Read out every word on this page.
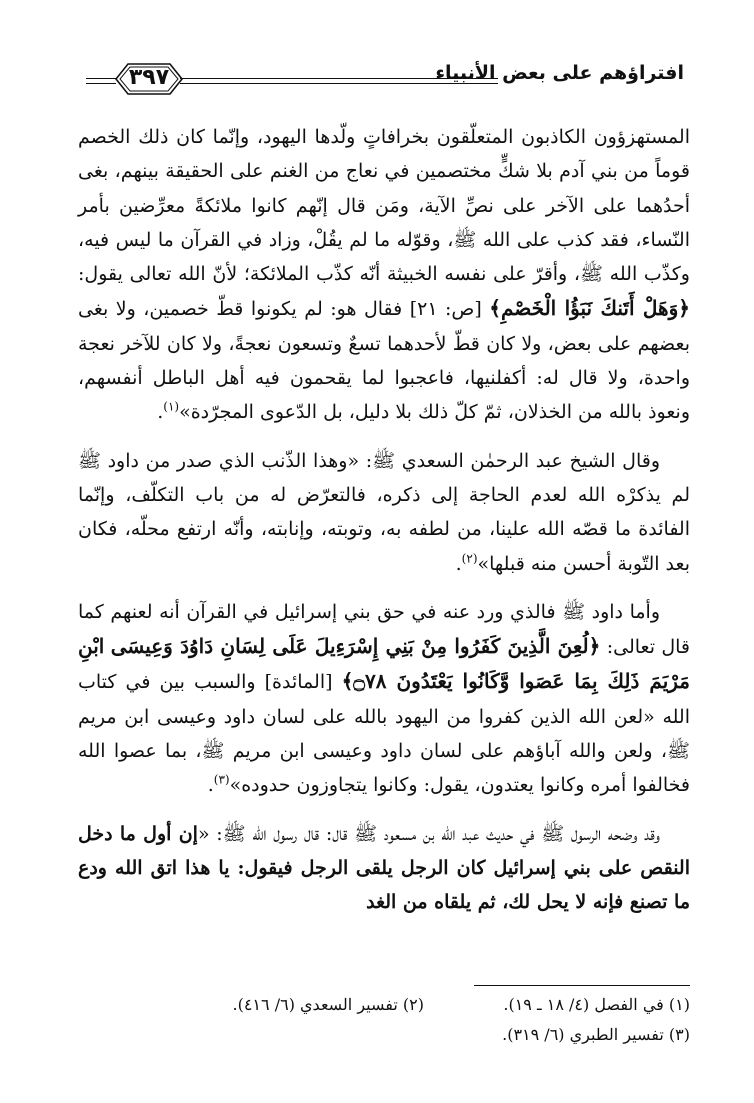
افتراؤهم على بعض الأنبياء
٣٩٧

المستهزؤون الكاذبون المتعلّقون بخرافاتٍ ولّدها اليهود، وإنّما كان ذلك الخصم قوماً من بني آدم بلا شكٍّ مختصمين في نعاج من الغنم على الحقيقة بينهم، بغى أحدُهما على الآخر على نصِّ الآية، ومَن قال إنّهم كانوا ملائكةً معرِّضين بأمر النّساء، فقد كذب على الله ﷺ، وقوّله ما لم يقُلْ، وزاد في القرآن ما ليس فيه، وكذّب الله ﷺ، وأقرّ على نفسه الخبيثة أنّه كذّب الملائكة؛ لأنّ الله تعالى يقول: ﴿وَهَلْ أَتَنكَ نَبَؤُا الْخَصْمِ﴾ [ص: ٢١] فقال هو: لم يكونوا قطّ خصمين، ولا بغى بعضهم على بعض، ولا كان قطّ لأحدهما تسعٌ وتسعون نعجةً، ولا كان للآخر نعجة واحدة، ولا قال له: أكفلنيها، فاعجبوا لما يقحمون فيه أهل الباطل أنفسهم، ونعوذ بالله من الخذلان، ثمّ كلّ ذلك بلا دليل، بل الدّعوى المجرّدة»$^{(١)}$.

وقال الشيخ عبد الرحمٰن السعدي ﷺ: «وهذا الذّنب الذي صدر من داود ﷺ لم يذكرْه الله لعدم الحاجة إلى ذكره، فالتعرّض له من باب التكلّف، وإنّما الفائدة ما قصّه الله علينا، من لطفه به، وتوبته، وإنابته، وأنّه ارتفع محلّه، فكان بعد التّوبة أحسن منه قبلها»$^{(٢)}$.

وأما داود ﷺ فالذي ورد عنه في حق بني إسرائيل في القرآن أنه لعنهم كما قال تعالى: ﴿لُعِنَ الَّذِينَ كَفَرُوا مِنْ بَنِي إِسْرَءِيلَ عَلَى لِسَانِ دَاوُدَ وَعِيسَى ابْنِ مَرْيَمَ ذَلِكَ بِمَا عَصَوا وَّكَانُوا يَعْتَدُونَ ۝٧٨﴾ [المائدة] والسبب بين في كتاب الله «لعن الله الذين كفروا من اليهود بالله على لسان داود وعيسى ابن مريم ﷺ، ولعن والله آباؤهم على لسان داود وعيسى ابن مريم ﷺ، بما عصوا الله فخالفوا أمره وكانوا يعتدون، يقول: وكانوا يتجاوزون حدوده»$^{(٣)}$.

وقد وضحه الرسول ﷺ في حديث عبد الله بن مسعود ﷺ قال: قال رسول الله ﷺ: «إن أول ما دخل النقص على بني إسرائيل كان الرجل يلقى الرجل فيقول: يا هذا اتق الله ودع ما تصنع فإنه لا يحل لك، ثم يلقاه من الغد

(١) في الفصل (٤/ ١٨ ـ ١٩).
(٢) تفسير السعدي (٦/ ٤١٦).
(٣) تفسير الطبري (٦/ ٣١٩).
